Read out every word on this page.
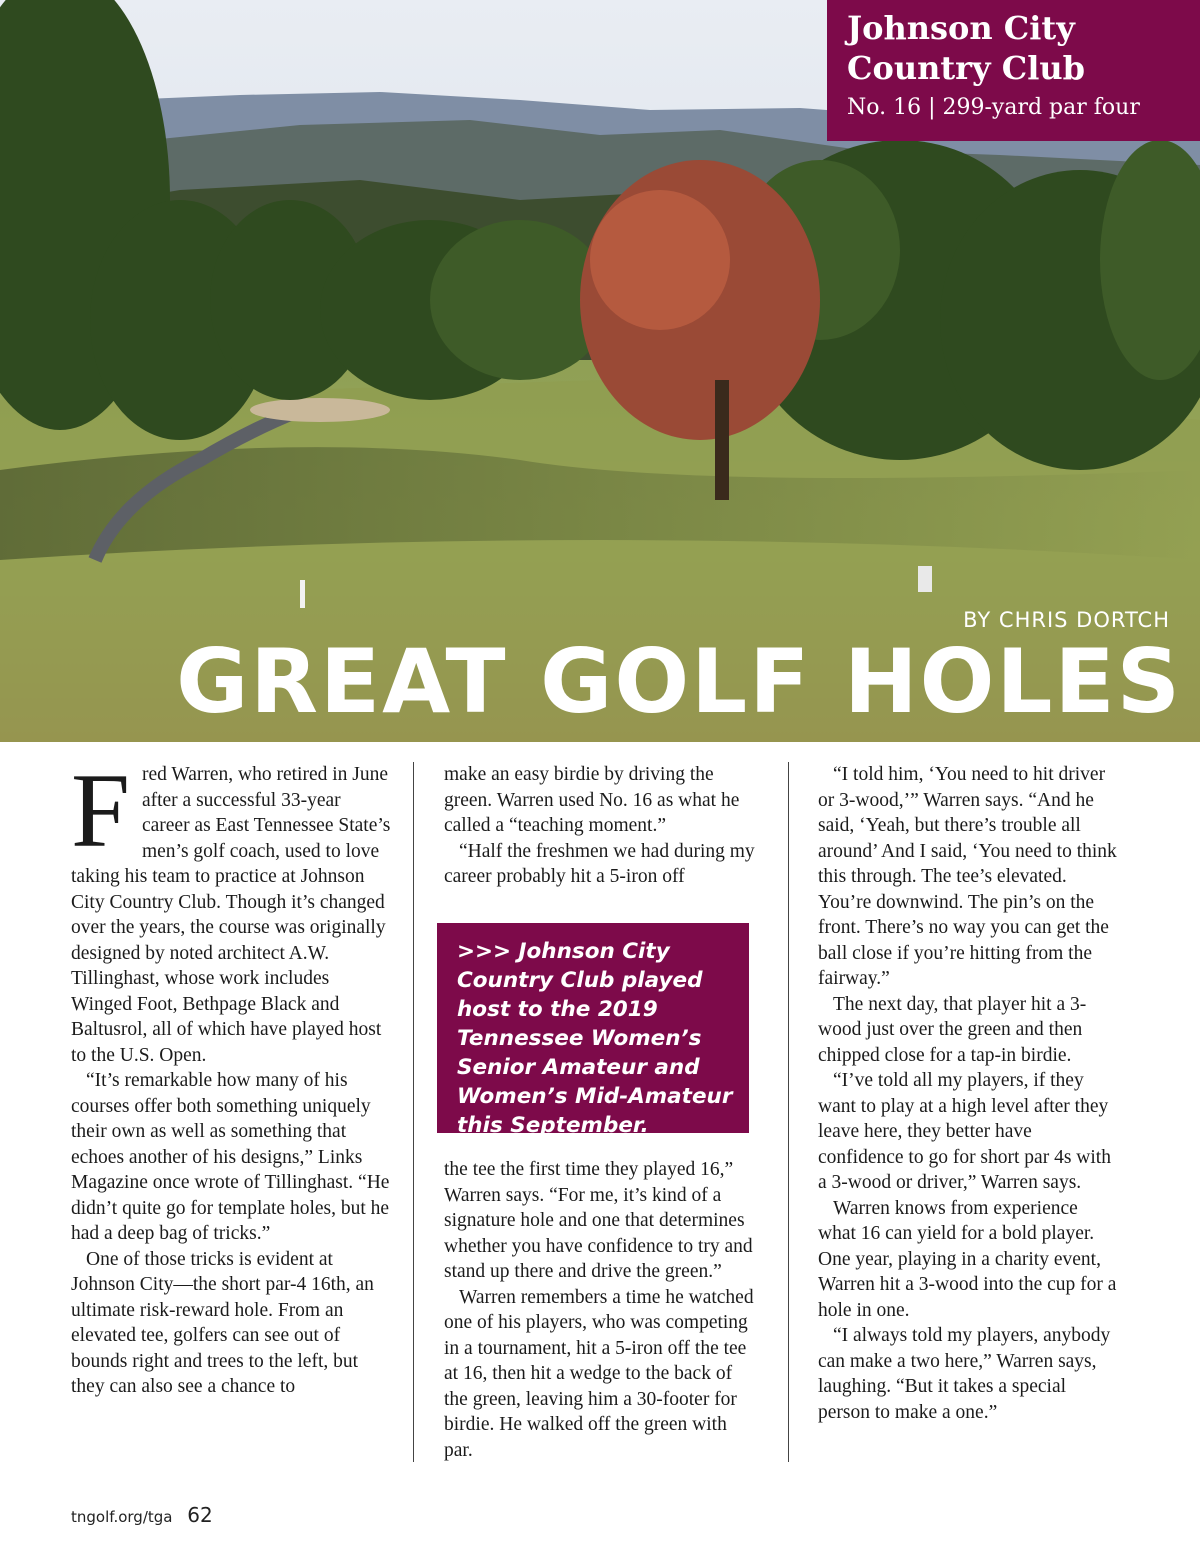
Johnson City
Country Club
No. 16 | 299-yard par four
BY CHRIS DORTCH
GREAT GOLF HOLES
F red Warren, who retired in June after a successful 33-year career as East Tennessee State’s men’s golf coach, used to love taking his team to practice at Johnson City Country Club. Though it’s changed over the years, the course was originally designed by noted architect A.W. Tillinghast, whose work includes Winged Foot, Bethpage Black and Baltusrol, all of which have played host to the U.S. Open.

“It’s remarkable how many of his courses offer both something uniquely their own as well as something that echoes another of his designs,” Links Magazine once wrote of Tillinghast. “He didn’t quite go for template holes, but he had a deep bag of tricks.”

One of those tricks is evident at Johnson City—the short par-4 16th, an ultimate risk-reward hole. From an elevated tee, golfers can see out of bounds right and trees to the left, but they can also see a chance to

make an easy birdie by driving the green. Warren used No. 16 as what he called a “teaching moment.”

“Half the freshmen we had during my career probably hit a 5-iron off

>>> Johnson City Country Club played host to the 2019 Tennessee Women’s Senior Amateur and Women’s Mid-Amateur this September.

the tee the first time they played 16,” Warren says. “For me, it’s kind of a signature hole and one that determines whether you have confidence to try and stand up there and drive the green.”

Warren remembers a time he watched one of his players, who was competing in a tournament, hit a 5-iron off the tee at 16, then hit a wedge to the back of the green, leaving him a 30-footer for birdie. He walked off the green with par.

“I told him, ‘You need to hit driver or 3-wood,’” Warren says. “And he said, ‘Yeah, but there’s trouble all around’ And I said, ‘You need to think this through. The tee’s elevated. You’re downwind. The pin’s on the front. There’s no way you can get the ball close if you’re hitting from the fairway.”

The next day, that player hit a 3-wood just over the green and then chipped close for a tap-in birdie.

“I’ve told all my players, if they want to play at a high level after they leave here, they better have confidence to go for short par 4s with a 3-wood or driver,” Warren says.

Warren knows from experience what 16 can yield for a bold player. One year, playing in a charity event, Warren hit a 3-wood into the cup for a hole in one.

“I always told my players, anybody can make a two here,” Warren says, laughing. “But it takes a special person to make a one.”

tngolf.org/tga 62
